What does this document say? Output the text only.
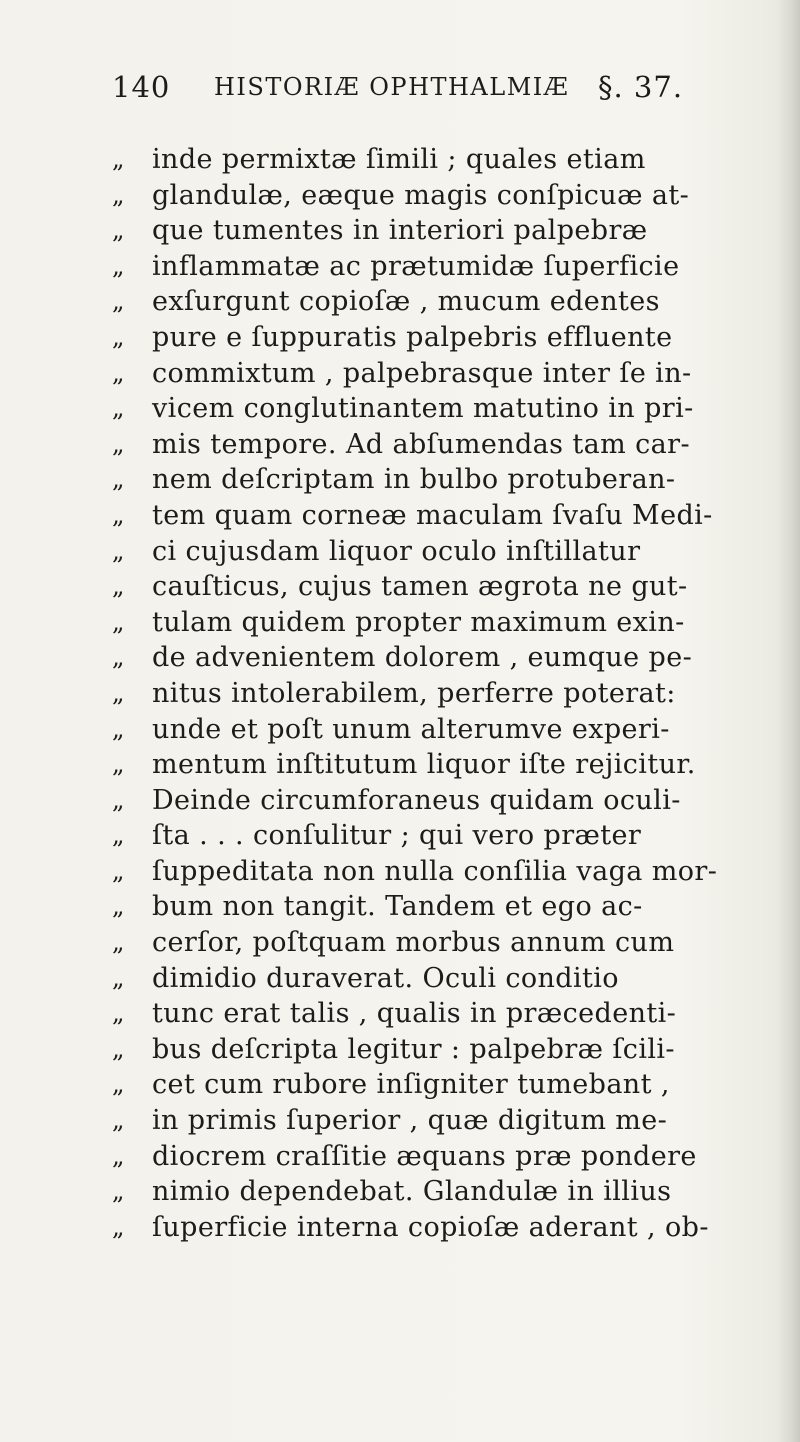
140 HISTORIÆ OPHTHALMIÆ §. 37.
„	inde permixtæ ſimili ; quales etiam
„	glandulæ, eæque magis conſpicuæ at-
„	que tumentes in interiori palpebræ
„	inflammatæ ac prætumidæ ſuperficie
„	exſurgunt copioſæ , mucum edentes
„	pure e ſuppuratis palpebris effluente
„	commixtum , palpebrasque inter ſe in-
„	vicem conglutinantem matutino in pri-
„	mis tempore. Ad abſumendas tam car-
„	nem deſcriptam in bulbo protuberan-
„	tem quam corneæ maculam ſvaſu Medi-
„	ci cujusdam liquor oculo inſtillatur
„	cauſticus, cujus tamen ægrota ne gut-
„	tulam quidem propter maximum exin-
„	de advenientem dolorem , eumque pe-
„	nitus intolerabilem, perferre poterat:
„	unde et poſt unum alterumve experi-
„	mentum inſtitutum liquor iſte rejicitur.
„	Deinde circumforaneus quidam oculi-
„	ſta . . . conſulitur ; qui vero præter
„	ſuppeditata non nulla conſilia vaga mor-
„	bum non tangit. Tandem et ego ac-
„	cerſor, poſtquam morbus annum cum
„	dimidio duraverat. Oculi conditio
„	tunc erat talis , qualis in præcedenti-
„	bus deſcripta legitur : palpebræ ſcili-
„	cet cum rubore inſigniter tumebant ,
„	in primis ſuperior , quæ digitum me-
„	diocrem craſſitie æquans præ pondere
„	nimio dependebat. Glandulæ in illius
„	ſuperficie interna copioſæ aderant , ob-
